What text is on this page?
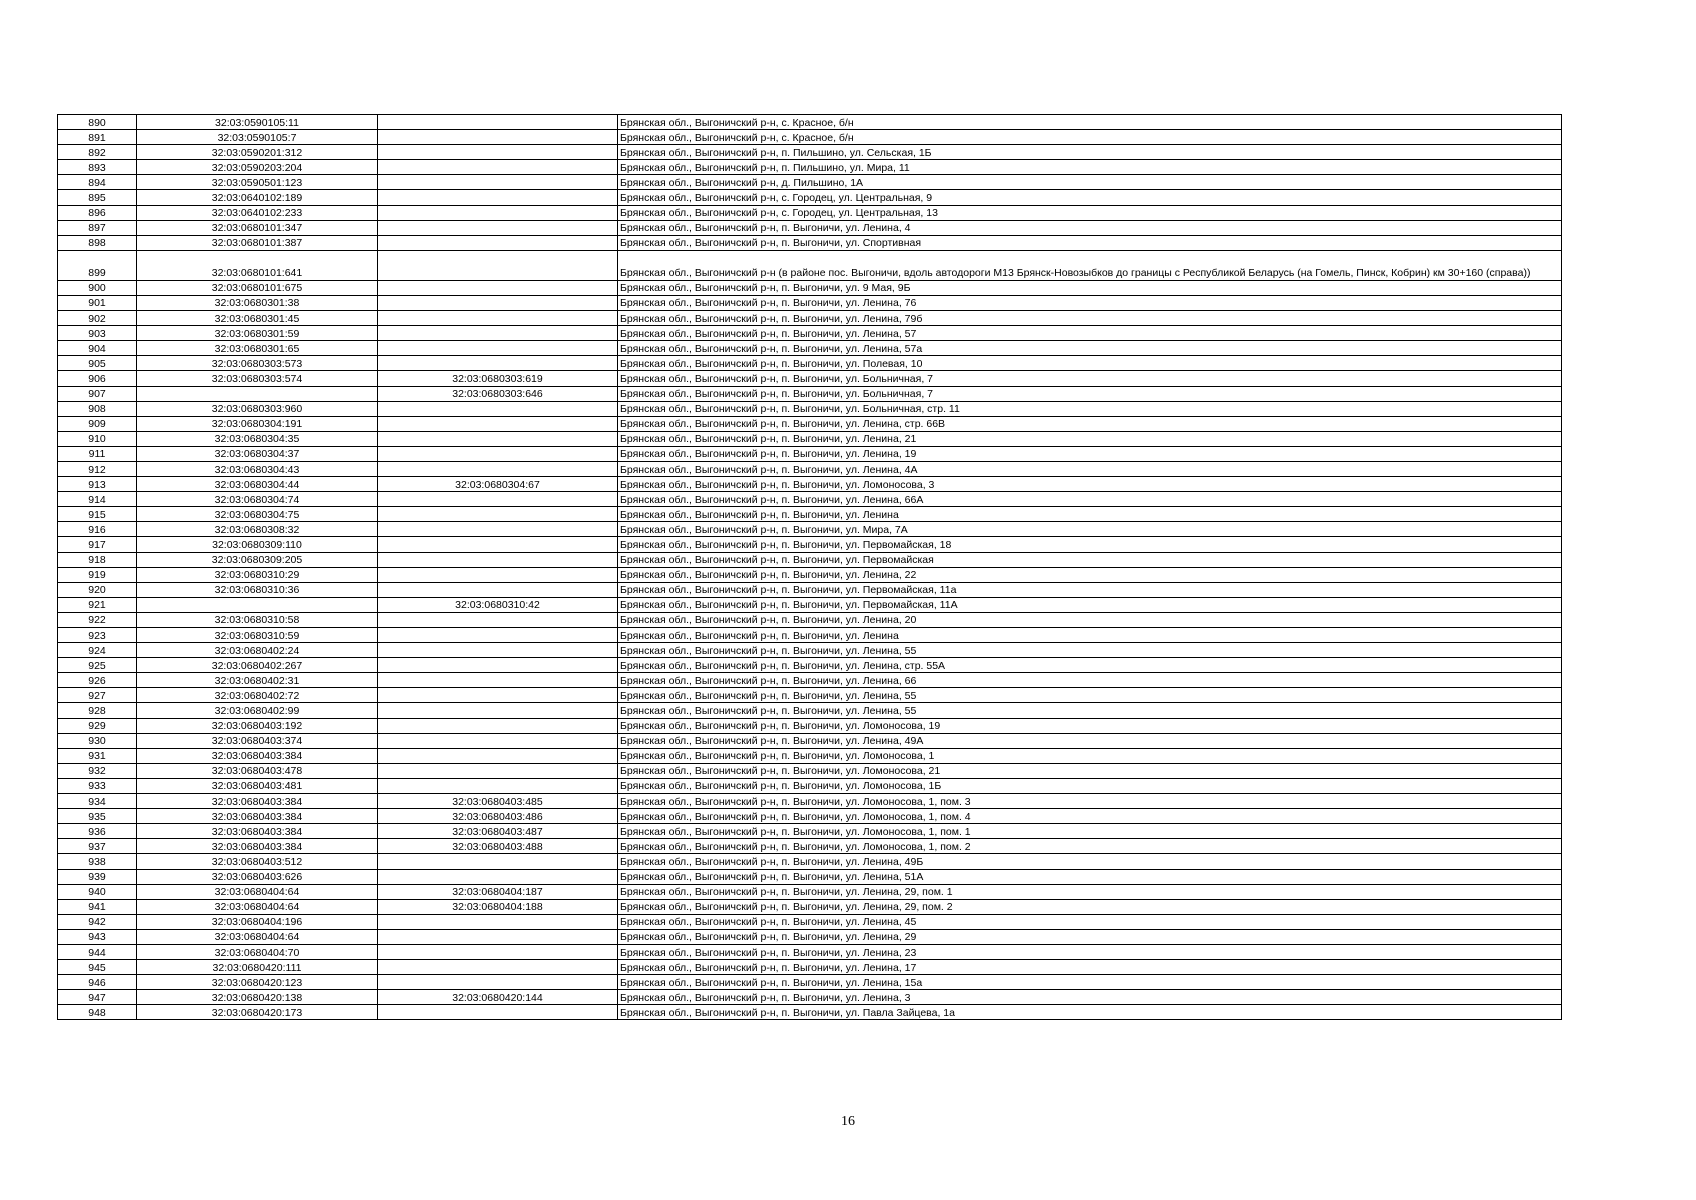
890	32:03:0590105:11		Брянская обл., Выгоничский р-н, с. Красное, б/н
891	32:03:0590105:7		Брянская обл., Выгоничский р-н, с. Красное, б/н
892	32:03:0590201:312		Брянская обл., Выгоничский р-н, п. Пильшино, ул. Сельская, 1Б
893	32:03:0590203:204		Брянская обл., Выгоничский р-н, п. Пильшино, ул. Мира, 11
894	32:03:0590501:123		Брянская обл., Выгоничский р-н, д. Пильшино, 1А
895	32:03:0640102:189		Брянская обл., Выгоничский р-н, с. Городец, ул. Центральная, 9
896	32:03:0640102:233		Брянская обл., Выгоничский р-н, с. Городец, ул. Центральная, 13
897	32:03:0680101:347		Брянская обл., Выгоничский р-н, п. Выгоничи, ул. Ленина, 4
898	32:03:0680101:387		Брянская обл., Выгоничский р-н, п. Выгоничи, ул. Спортивная
899	32:03:0680101:641		Брянская обл., Выгоничский р-н (в районе пос. Выгоничи, вдоль автодороги М13 Брянск-Новозыбков до границы с Республикой Беларусь (на Гомель, Пинск, Кобрин) км 30+160 (справа))
900	32:03:0680101:675		Брянская обл., Выгоничский р-н, п. Выгоничи, ул. 9 Мая, 9Б
901	32:03:0680301:38		Брянская обл., Выгоничский р-н, п. Выгоничи, ул. Ленина, 76
902	32:03:0680301:45		Брянская обл., Выгоничский р-н, п. Выгоничи, ул. Ленина, 79б
903	32:03:0680301:59		Брянская обл., Выгоничский р-н, п. Выгоничи, ул. Ленина, 57
904	32:03:0680301:65		Брянская обл., Выгоничский р-н, п. Выгоничи, ул. Ленина, 57а
905	32:03:0680303:573		Брянская обл., Выгоничский р-н, п. Выгоничи, ул. Полевая, 10
906	32:03:0680303:574	32:03:0680303:619	Брянская обл., Выгоничский р-н, п. Выгоничи, ул. Больничная, 7
907		32:03:0680303:646	Брянская обл., Выгоничский р-н, п. Выгоничи, ул. Больничная, 7
908	32:03:0680303:960		Брянская обл., Выгоничский р-н, п. Выгоничи, ул. Больничная, стр. 11
909	32:03:0680304:191		Брянская обл., Выгоничский р-н, п. Выгоничи, ул. Ленина, стр. 66В
910	32:03:0680304:35		Брянская обл., Выгоничский р-н, п. Выгоничи, ул. Ленина, 21
911	32:03:0680304:37		Брянская обл., Выгоничский р-н, п. Выгоничи, ул. Ленина, 19
912	32:03:0680304:43		Брянская обл., Выгоничский р-н, п. Выгоничи, ул. Ленина, 4А
913	32:03:0680304:44	32:03:0680304:67	Брянская обл., Выгоничский р-н, п. Выгоничи, ул. Ломоносова, 3
914	32:03:0680304:74		Брянская обл., Выгоничский р-н, п. Выгоничи, ул. Ленина, 66А
915	32:03:0680304:75		Брянская обл., Выгоничский р-н, п. Выгоничи, ул. Ленина
916	32:03:0680308:32		Брянская обл., Выгоничский р-н, п. Выгоничи, ул. Мира, 7А
917	32:03:0680309:110		Брянская обл., Выгоничский р-н, п. Выгоничи, ул. Первомайская, 18
918	32:03:0680309:205		Брянская обл., Выгоничский р-н, п. Выгоничи, ул. Первомайская
919	32:03:0680310:29		Брянская обл., Выгоничский р-н, п. Выгоничи, ул. Ленина, 22
920	32:03:0680310:36		Брянская обл., Выгоничский р-н, п. Выгоничи, ул. Первомайская, 11а
921		32:03:0680310:42	Брянская обл., Выгоничский р-н, п. Выгоничи, ул. Первомайская, 11А
922	32:03:0680310:58		Брянская обл., Выгоничский р-н, п. Выгоничи, ул. Ленина, 20
923	32:03:0680310:59		Брянская обл., Выгоничский р-н, п. Выгоничи, ул. Ленина
924	32:03:0680402:24		Брянская обл., Выгоничский р-н, п. Выгоничи, ул. Ленина, 55
925	32:03:0680402:267		Брянская обл., Выгоничский р-н, п. Выгоничи, ул. Ленина, стр. 55А
926	32:03:0680402:31		Брянская обл., Выгоничский р-н, п. Выгоничи, ул. Ленина, 66
927	32:03:0680402:72		Брянская обл., Выгоничский р-н, п. Выгоничи, ул. Ленина, 55
928	32:03:0680402:99		Брянская обл., Выгоничский р-н, п. Выгоничи, ул. Ленина, 55
929	32:03:0680403:192		Брянская обл., Выгоничский р-н, п. Выгоничи, ул. Ломоносова, 19
930	32:03:0680403:374		Брянская обл., Выгоничский р-н, п. Выгоничи, ул. Ленина, 49А
931	32:03:0680403:384		Брянская обл., Выгоничский р-н, п. Выгоничи, ул. Ломоносова, 1
932	32:03:0680403:478		Брянская обл., Выгоничский р-н, п. Выгоничи, ул. Ломоносова, 21
933	32:03:0680403:481		Брянская обл., Выгоничский р-н, п. Выгоничи, ул. Ломоносова, 1Б
934	32:03:0680403:384	32:03:0680403:485	Брянская обл., Выгоничский р-н, п. Выгоничи, ул. Ломоносова, 1, пом. 3
935	32:03:0680403:384	32:03:0680403:486	Брянская обл., Выгоничский р-н, п. Выгоничи, ул. Ломоносова, 1, пом. 4
936	32:03:0680403:384	32:03:0680403:487	Брянская обл., Выгоничский р-н, п. Выгоничи, ул. Ломоносова, 1, пом. 1
937	32:03:0680403:384	32:03:0680403:488	Брянская обл., Выгоничский р-н, п. Выгоничи, ул. Ломоносова, 1, пом. 2
938	32:03:0680403:512		Брянская обл., Выгоничский р-н, п. Выгоничи, ул. Ленина, 49Б
939	32:03:0680403:626		Брянская обл., Выгоничский р-н, п. Выгоничи, ул. Ленина, 51А
940	32:03:0680404:64	32:03:0680404:187	Брянская обл., Выгоничский р-н, п. Выгоничи, ул. Ленина, 29, пом. 1
941	32:03:0680404:64	32:03:0680404:188	Брянская обл., Выгоничский р-н, п. Выгоничи, ул. Ленина, 29, пом. 2
942	32:03:0680404:196		Брянская обл., Выгоничский р-н, п. Выгоничи, ул. Ленина, 45
943	32:03:0680404:64		Брянская обл., Выгоничский р-н, п. Выгоничи, ул. Ленина, 29
944	32:03:0680404:70		Брянская обл., Выгоничский р-н, п. Выгоничи, ул. Ленина, 23
945	32:03:0680420:111		Брянская обл., Выгоничский р-н, п. Выгоничи, ул. Ленина, 17
946	32:03:0680420:123		Брянская обл., Выгоничский р-н, п. Выгоничи, ул. Ленина, 15а
947	32:03:0680420:138	32:03:0680420:144	Брянская обл., Выгоничский р-н, п. Выгоничи, ул. Ленина, 3
948	32:03:0680420:173		Брянская обл., Выгоничский р-н, п. Выгоничи, ул. Павла Зайцева, 1а
16
